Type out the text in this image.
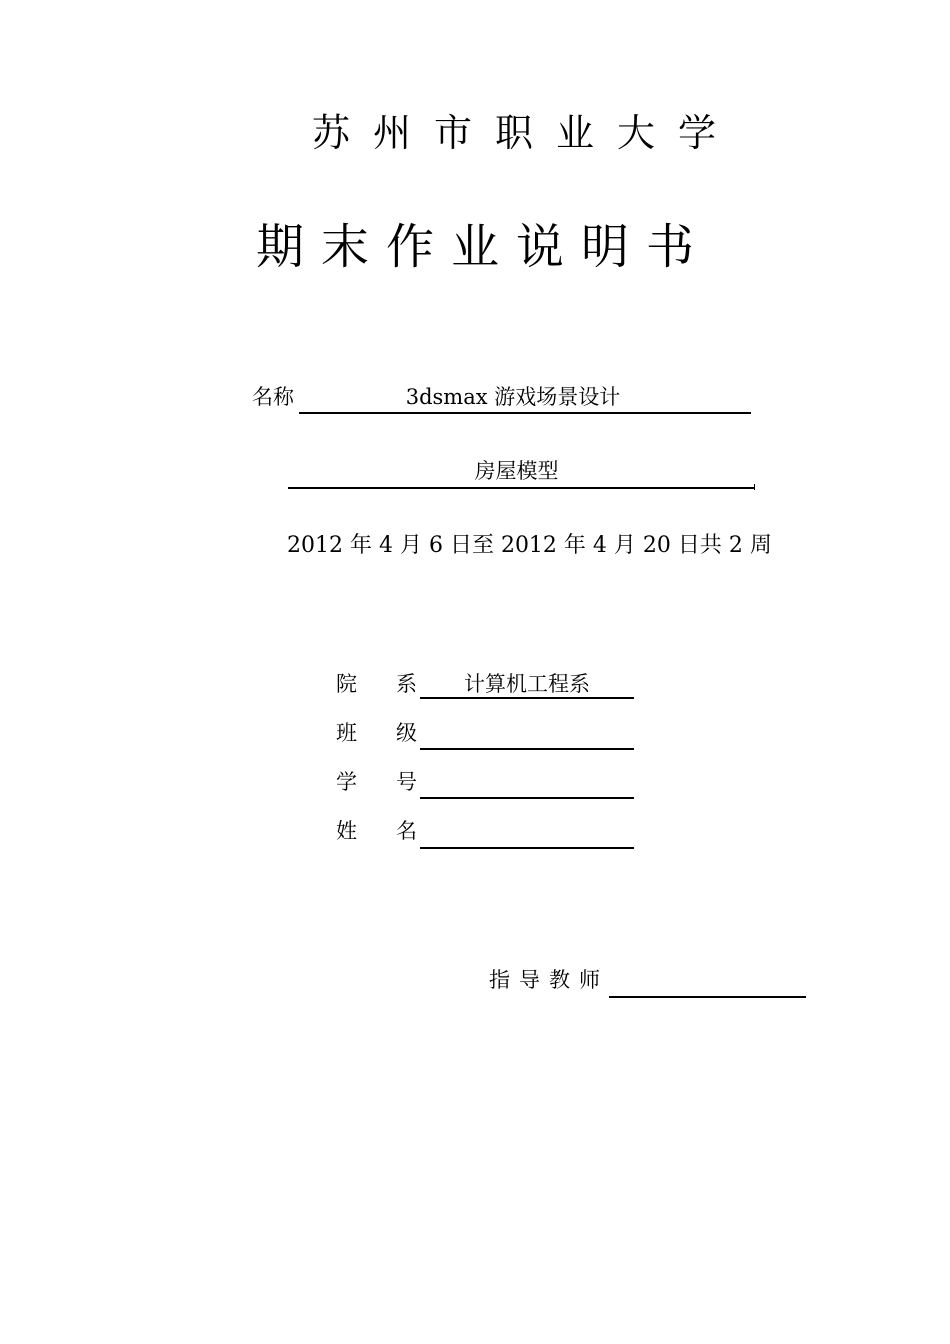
苏州市职业大学
期末作业说明书
名称	3dsmax 游戏场景设计
房屋模型
2012 年 4 月 6 日至 2012 年 4 月 20 日共 2 周
院 系	计算机工程系
班 级
学 号
姓 名
指导教师
